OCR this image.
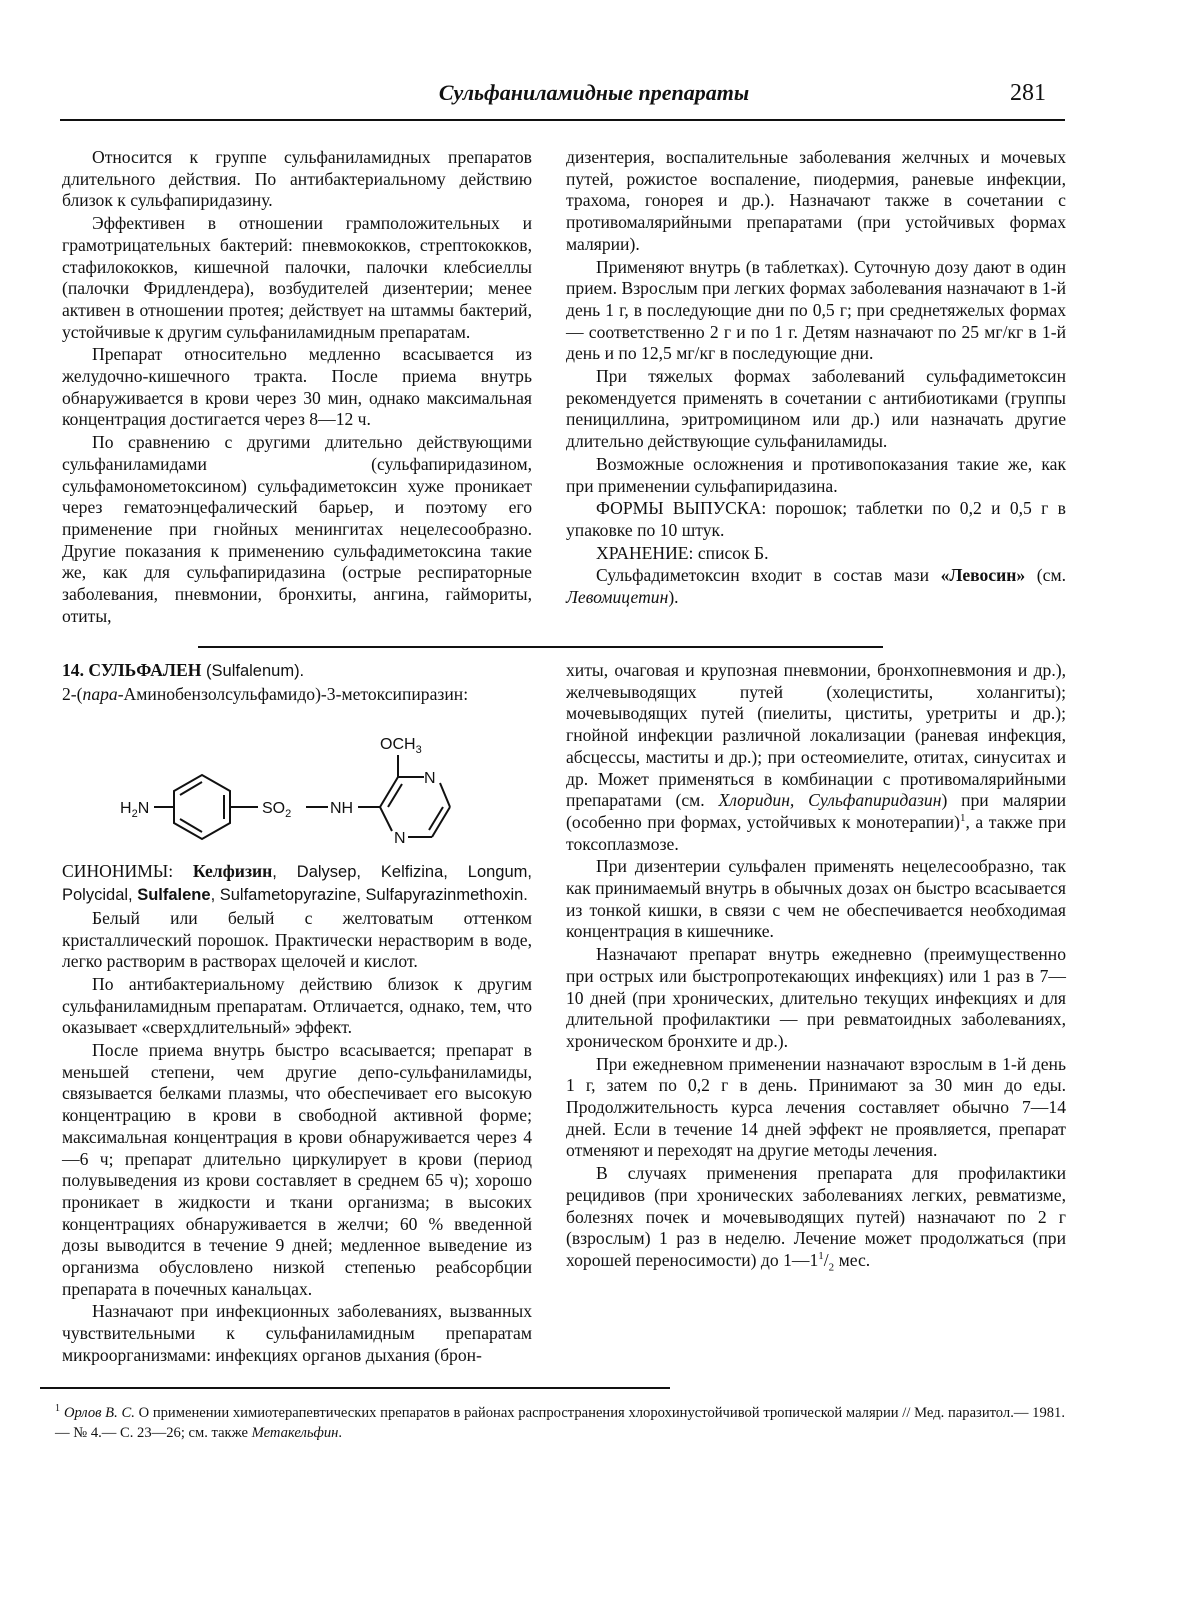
Сульфаниламидные препараты	281

Относится к группе сульфаниламидных препаратов длительного действия. По антибактериальному действию близок к сульфапиридазину.

Эффективен в отношении грамположительных и грамотрицательных бактерий: пневмококков, стрептококков, стафилококков, кишечной палочки, палочки клебсиеллы (палочки Фридлендера), возбудителей дизентерии; менее активен в отношении протея; действует на штаммы бактерий, устойчивые к другим сульфаниламидным препаратам.

Препарат относительно медленно всасывается из желудочно-кишечного тракта. После приема внутрь обнаруживается в крови через 30 мин, однако максимальная концентрация достигается через 8—12 ч.

По сравнению с другими длительно действующими сульфаниламидами (сульфапиридазином, сульфамонометоксином) сульфадиметоксин хуже проникает через гематоэнцефалический барьер, и поэтому его применение при гнойных менингитах нецелесообразно. Другие показания к применению сульфадиметоксина такие же, как для сульфапиридазина (острые респираторные заболевания, пневмонии, бронхиты, ангина, гаймориты, отиты,

дизентерия, воспалительные заболевания желчных и мочевых путей, рожистое воспаление, пиодермия, раневые инфекции, трахома, гонорея и др.). Назначают также в сочетании с противомалярийными препаратами (при устойчивых формах малярии).

Применяют внутрь (в таблетках). Суточную дозу дают в один прием. Взрослым при легких формах заболевания назначают в 1-й день 1 г, в последующие дни по 0,5 г; при среднетяжелых формах — соответственно 2 г и по 1 г. Детям назначают по 25 мг/кг в 1-й день и по 12,5 мг/кг в последующие дни.

При тяжелых формах заболеваний сульфадиметоксин рекомендуется применять в сочетании с антибиотиками (группы пенициллина, эритромицином или др.) или назначать другие длительно действующие сульфаниламиды.

Возможные осложнения и противопоказания такие же, как при применении сульфапиридазина.

ФОРМЫ ВЫПУСКА: порошок; таблетки по 0,2 и 0,5 г в упаковке по 10 штук.

ХРАНЕНИЕ: список Б.

Сульфадиметоксин входит в состав мази «Левосин» (см. Левомицетин).

14. СУЛЬФАЛЕН (Sulfalenum).

2-(пара-Аминобензолсульфамидо)-3-метоксипиразин:

$H_2N$	$SO_2$ NH
N
N
$OCH_3$

СИНОНИМЫ: Келфизин, Dalysep, Kelfizina, Longum, Polycidal, Sulfalene, Sulfametopyrazine, Sulfapyrazinmethoxin.

Белый или белый с желтоватым оттенком кристаллический порошок. Практически нерастворим в воде, легко растворим в растворах щелочей и кислот.

По антибактериальному действию близок к другим сульфаниламидным препаратам. Отличается, однако, тем, что оказывает «сверхдлительный» эффект.

После приема внутрь быстро всасывается; препарат в меньшей степени, чем другие депо-сульфаниламиды, связывается белками плазмы, что обеспечивает его высокую концентрацию в крови в свободной активной форме; максимальная концентрация в крови обнаруживается через 4—6 ч; препарат длительно циркулирует в крови (период полувыведения из крови составляет в среднем 65 ч); хорошо проникает в жидкости и ткани организма; в высоких концентрациях обнаруживается в желчи; 60 % введенной дозы выводится в течение 9 дней; медленное выведение из организма обусловлено низкой степенью реабсорбции препарата в почечных канальцах.

Назначают при инфекционных заболеваниях, вызванных чувствительными к сульфаниламидным препаратам микроорганизмами: инфекциях органов дыхания (брон-

хиты, очаговая и крупозная пневмонии, бронхопневмония и др.), желчевыводящих путей (холециститы, холангиты); мочевыводящих путей (пиелиты, циститы, уретриты и др.); гнойной инфекции различной локализации (раневая инфекция, абсцессы, маститы и др.); при остеомиелите, отитах, синуситах и др. Может применяться в комбинации с противомалярийными препаратами (см. Хлоридин, Сульфапиридазин) при малярии (особенно при формах, устойчивых к монотерапии)$^1$, а также при токсоплазмозе.

При дизентерии сульфален применять нецелесообразно, так как принимаемый внутрь в обычных дозах он быстро всасывается из тонкой кишки, в связи с чем не обеспечивается необходимая концентрация в кишечнике.

Назначают препарат внутрь ежедневно (преимущественно при острых или быстропротекающих инфекциях) или 1 раз в 7—10 дней (при хронических, длительно текущих инфекциях и для длительной профилактики — при ревматоидных заболеваниях, хроническом бронхите и др.).

При ежедневном применении назначают взрослым в 1-й день 1 г, затем по 0,2 г в день. Принимают за 30 мин до еды. Продолжительность курса лечения составляет обычно 7—14 дней. Если в течение 14 дней эффект не проявляется, препарат отменяют и переходят на другие методы лечения.

В случаях применения препарата для профилактики рецидивов (при хронических заболеваниях легких, ревматизме, болезнях почек и мочевыводящих путей) назначают по 2 г (взрослым) 1 раз в неделю. Лечение может продолжаться (при хорошей переносимости) до $1—1^1/_2$ мес.

$^1$ Орлов В. С. О применении химиотерапевтических препаратов в районах распространения хлорохинустойчивой тропической малярии // Мед. паразитол.— 1981.— № 4.— С. 23—26; см. также Метакельфин.
